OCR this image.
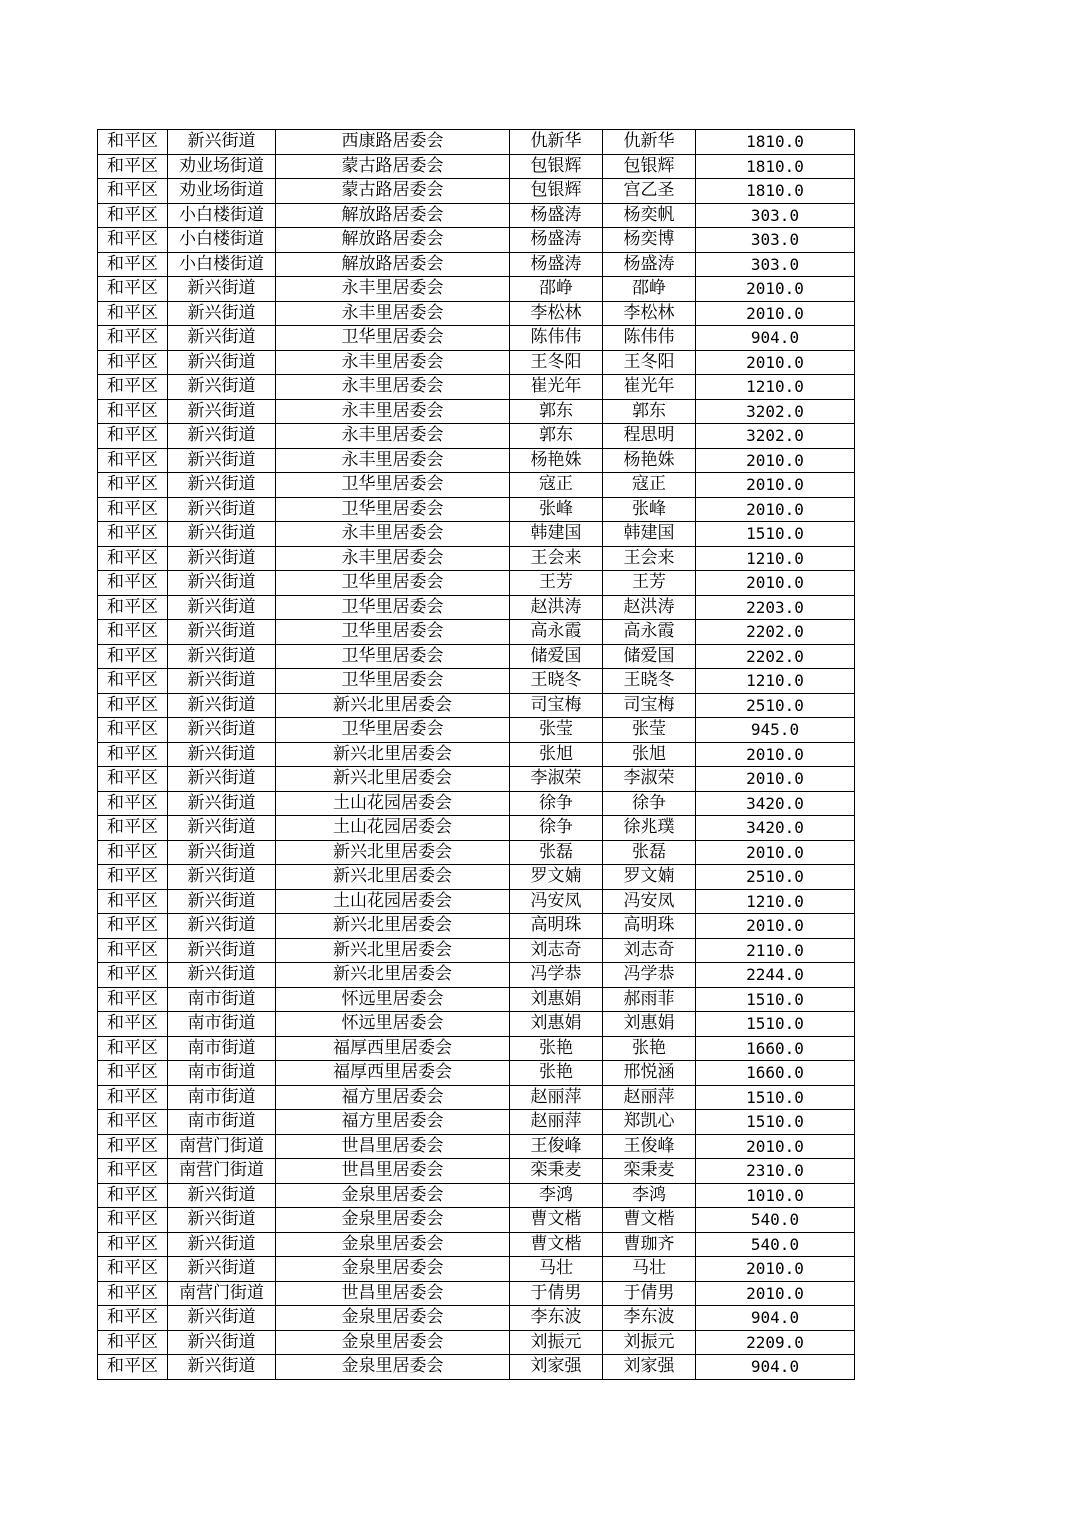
和平区	新兴街道	西康路居委会	仇新华	仇新华	1810.0
和平区	劝业场街道	蒙古路居委会	包银辉	包银辉	1810.0
和平区	劝业场街道	蒙古路居委会	包银辉	宫乙圣	1810.0
和平区	小白楼街道	解放路居委会	杨盛涛	杨奕帆	303.0
和平区	小白楼街道	解放路居委会	杨盛涛	杨奕博	303.0
和平区	小白楼街道	解放路居委会	杨盛涛	杨盛涛	303.0
和平区	新兴街道	永丰里居委会	邵峥	邵峥	2010.0
和平区	新兴街道	永丰里居委会	李松林	李松林	2010.0
和平区	新兴街道	卫华里居委会	陈伟伟	陈伟伟	904.0
和平区	新兴街道	永丰里居委会	王冬阳	王冬阳	2010.0
和平区	新兴街道	永丰里居委会	崔光年	崔光年	1210.0
和平区	新兴街道	永丰里居委会	郭东	郭东	3202.0
和平区	新兴街道	永丰里居委会	郭东	程思明	3202.0
和平区	新兴街道	永丰里居委会	杨艳姝	杨艳姝	2010.0
和平区	新兴街道	卫华里居委会	寇正	寇正	2010.0
和平区	新兴街道	卫华里居委会	张峰	张峰	2010.0
和平区	新兴街道	永丰里居委会	韩建国	韩建国	1510.0
和平区	新兴街道	永丰里居委会	王会来	王会来	1210.0
和平区	新兴街道	卫华里居委会	王芳	王芳	2010.0
和平区	新兴街道	卫华里居委会	赵洪涛	赵洪涛	2203.0
和平区	新兴街道	卫华里居委会	高永霞	高永霞	2202.0
和平区	新兴街道	卫华里居委会	储爱国	储爱国	2202.0
和平区	新兴街道	卫华里居委会	王晓冬	王晓冬	1210.0
和平区	新兴街道	新兴北里居委会	司宝梅	司宝梅	2510.0
和平区	新兴街道	卫华里居委会	张莹	张莹	945.0
和平区	新兴街道	新兴北里居委会	张旭	张旭	2010.0
和平区	新兴街道	新兴北里居委会	李淑荣	李淑荣	2010.0
和平区	新兴街道	土山花园居委会	徐争	徐争	3420.0
和平区	新兴街道	土山花园居委会	徐争	徐兆璞	3420.0
和平区	新兴街道	新兴北里居委会	张磊	张磊	2010.0
和平区	新兴街道	新兴北里居委会	罗文婻	罗文婻	2510.0
和平区	新兴街道	土山花园居委会	冯安凤	冯安凤	1210.0
和平区	新兴街道	新兴北里居委会	高明珠	高明珠	2010.0
和平区	新兴街道	新兴北里居委会	刘志奇	刘志奇	2110.0
和平区	新兴街道	新兴北里居委会	冯学恭	冯学恭	2244.0
和平区	南市街道	怀远里居委会	刘惠娟	郝雨菲	1510.0
和平区	南市街道	怀远里居委会	刘惠娟	刘惠娟	1510.0
和平区	南市街道	福厚西里居委会	张艳	张艳	1660.0
和平区	南市街道	福厚西里居委会	张艳	邢悦涵	1660.0
和平区	南市街道	福方里居委会	赵丽萍	赵丽萍	1510.0
和平区	南市街道	福方里居委会	赵丽萍	郑凯心	1510.0
和平区	南营门街道	世昌里居委会	王俊峰	王俊峰	2010.0
和平区	南营门街道	世昌里居委会	栾秉麦	栾秉麦	2310.0
和平区	新兴街道	金泉里居委会	李鸿	李鸿	1010.0
和平区	新兴街道	金泉里居委会	曹文楷	曹文楷	540.0
和平区	新兴街道	金泉里居委会	曹文楷	曹珈齐	540.0
和平区	新兴街道	金泉里居委会	马壮	马壮	2010.0
和平区	南营门街道	世昌里居委会	于倩男	于倩男	2010.0
和平区	新兴街道	金泉里居委会	李东波	李东波	904.0
和平区	新兴街道	金泉里居委会	刘振元	刘振元	2209.0
和平区	新兴街道	金泉里居委会	刘家强	刘家强	904.0
